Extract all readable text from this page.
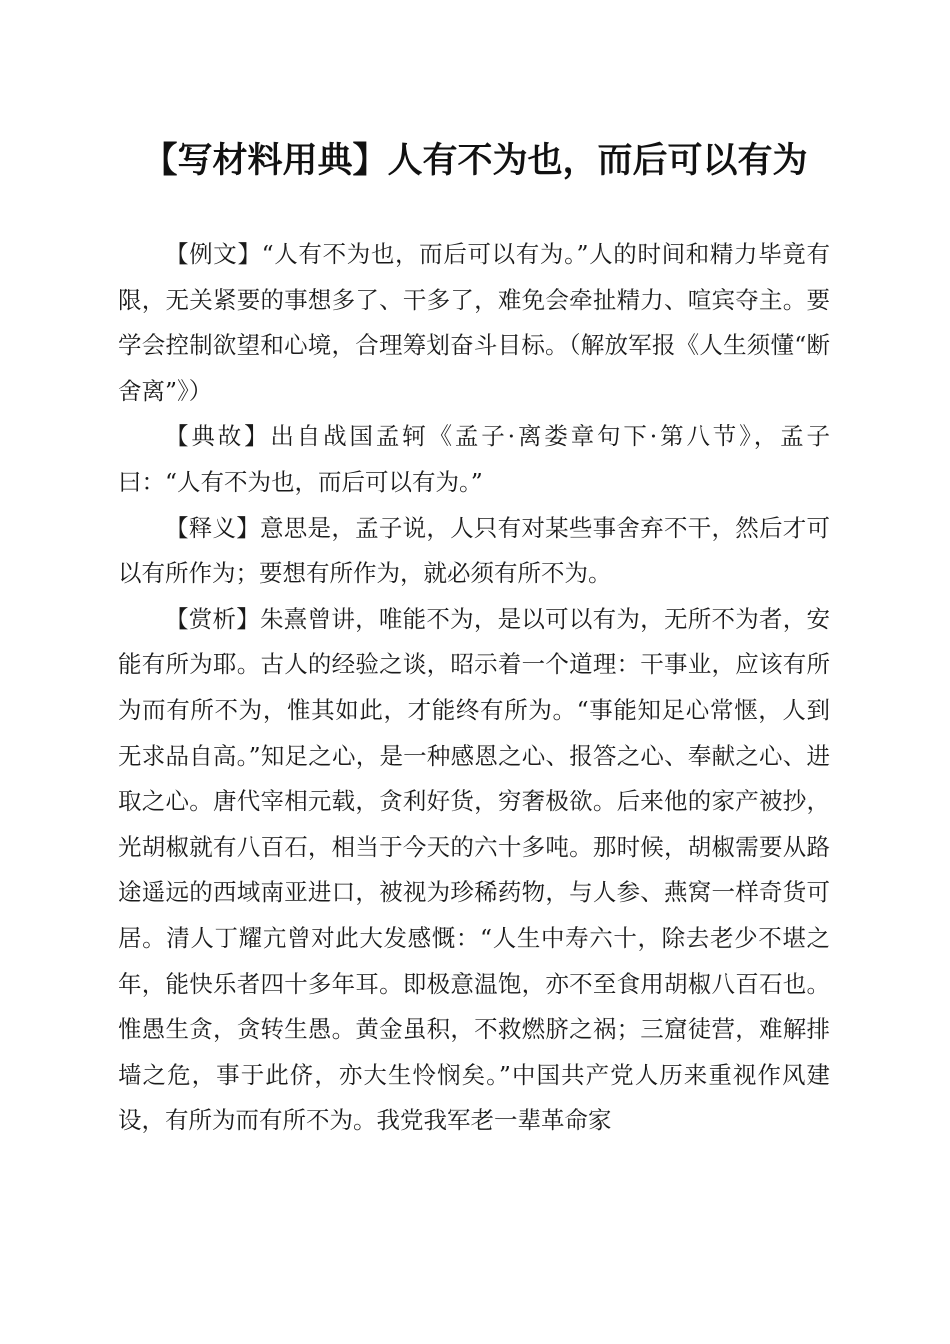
【写材料用典】人有不为也，而后可以有为

【例文】“人有不为也，而后可以有为。”人的时间和精力毕竟有限，无关紧要的事想多了、干多了，难免会牵扯精力、喧宾夺主。要学会控制欲望和心境，合理筹划奋斗目标。（解放军报《人生须懂“断舍离”》）

【典故】出自战国孟轲《孟子·离娄章句下·第八节》，孟子曰：“人有不为也，而后可以有为。”

【释义】意思是，孟子说，人只有对某些事舍弃不干，然后才可以有所作为；要想有所作为，就必须有所不为。

【赏析】朱熹曾讲，唯能不为，是以可以有为，无所不为者，安能有所为耶。古人的经验之谈，昭示着一个道理：干事业，应该有所为而有所不为，惟其如此，才能终有所为。“事能知足心常惬，人到无求品自高。”知足之心，是一种感恩之心、报答之心、奉献之心、进取之心。唐代宰相元载，贪利好货，穷奢极欲。后来他的家产被抄，光胡椒就有八百石，相当于今天的六十多吨。那时候，胡椒需要从路途遥远的西域南亚进口，被视为珍稀药物，与人参、燕窝一样奇货可居。清人丁耀亢曾对此大发感慨：“人生中寿六十，除去老少不堪之年，能快乐者四十多年耳。即极意温饱，亦不至食用胡椒八百石也。惟愚生贪，贪转生愚。黄金虽积，不救燃脐之祸；三窟徒营，难解排墙之危，事于此侪，亦大生怜悯矣。”中国共产党人历来重视作风建设，有所为而有所不为。我党我军老一辈革命家
